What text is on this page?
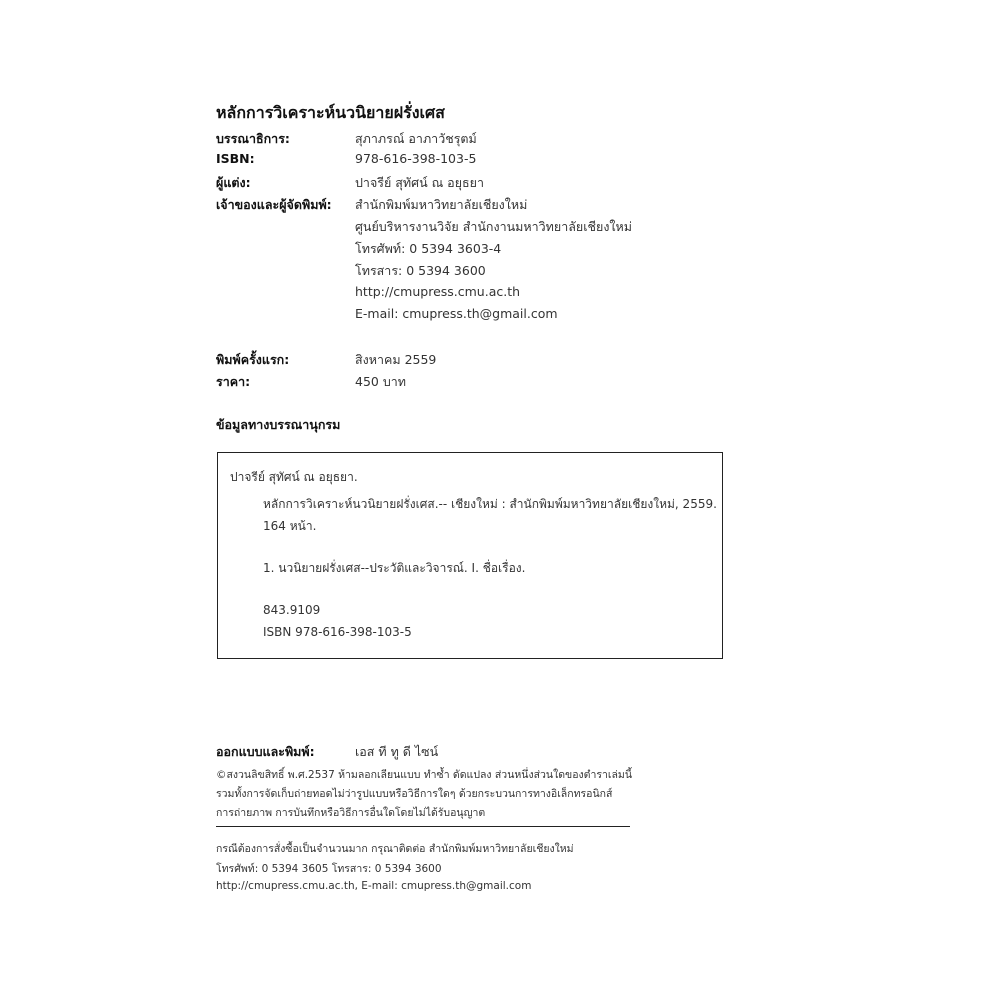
หลักการวิเคราะห์นวนิยายฝรั่งเศส
บรรณาธิการ:	สุภาภรณ์ อาภาวัชรุตม์
ISBN:	978-616-398-103-5
ผู้แต่ง:	ปาจรีย์ สุทัศน์ ณ อยุธยา
เจ้าของและผู้จัดพิมพ์: สำนักพิมพ์มหาวิทยาลัยเชียงใหม่
ศูนย์บริหารงานวิจัย สำนักงานมหาวิทยาลัยเชียงใหม่
โทรศัพท์: 0 5394 3603-4
โทรสาร: 0 5394 3600
http://cmupress.cmu.ac.th
E-mail: cmupress.th@gmail.com
พิมพ์ครั้งแรก:	สิงหาคม 2559
ราคา:	450 บาท
ข้อมูลทางบรรณานุกรม
ปาจรีย์ สุทัศน์ ณ อยุธยา.
หลักการวิเคราะห์นวนิยายฝรั่งเศส.-- เชียงใหม่ : สำนักพิมพ์มหาวิทยาลัยเชียงใหม่, 2559.
164 หน้า.
1. นวนิยายฝรั่งเศส--ประวัติและวิจารณ์. I. ชื่อเรื่อง.
843.9109
ISBN 978-616-398-103-5
ออกแบบและพิมพ์:	เอส ที ทู ดี ไซน์
©สงวนลิขสิทธิ์ พ.ศ.2537 ห้ามลอกเลียนแบบ ทำซ้ำ ดัดแปลง ส่วนหนึ่งส่วนใดของตำราเล่มนี้
รวมทั้งการจัดเก็บถ่ายทอดไม่ว่ารูปแบบหรือวิธีการใดๆ ด้วยกระบวนการทางอิเล็กทรอนิกส์
การถ่ายภาพ การบันทึกหรือวิธีการอื่นใดโดยไม่ได้รับอนุญาต
กรณีต้องการสั่งซื้อเป็นจำนวนมาก กรุณาติดต่อ สำนักพิมพ์มหาวิทยาลัยเชียงใหม่
โทรศัพท์: 0 5394 3605 โทรสาร: 0 5394 3600
http://cmupress.cmu.ac.th, E-mail: cmupress.th@gmail.com
